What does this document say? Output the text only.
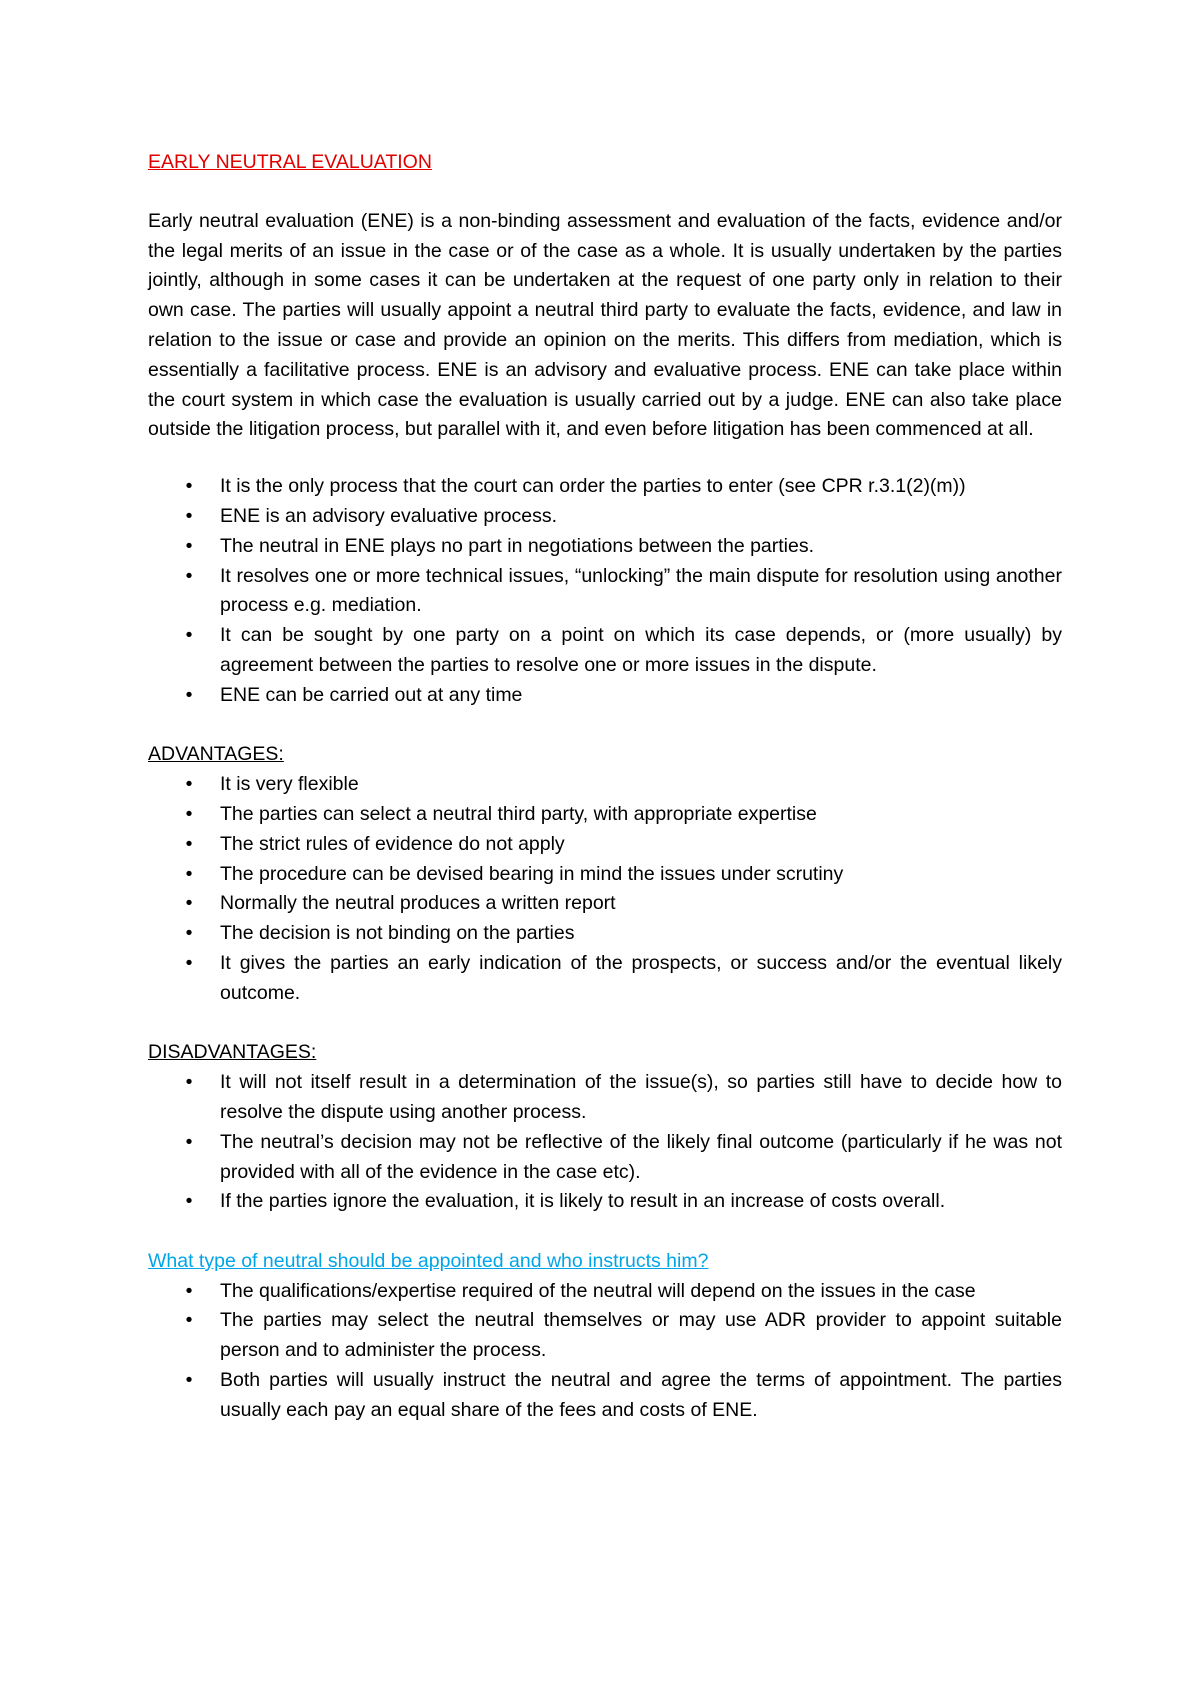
EARLY NEUTRAL EVALUATION

Early neutral evaluation (ENE) is a non-binding assessment and evaluation of the facts, evidence and/or the legal merits of an issue in the case or of the case as a whole. It is usually undertaken by the parties jointly, although in some cases it can be undertaken at the request of one party only in relation to their own case. The parties will usually appoint a neutral third party to evaluate the facts, evidence, and law in relation to the issue or case and provide an opinion on the merits. This differs from mediation, which is essentially a facilitative process. ENE is an advisory and evaluative process. ENE can take place within the court system in which case the evaluation is usually carried out by a judge. ENE can also take place outside the litigation process, but parallel with it, and even before litigation has been commenced at all.

• It is the only process that the court can order the parties to enter (see CPR r.3.1(2)(m))
• ENE is an advisory evaluative process.
• The neutral in ENE plays no part in negotiations between the parties.
• It resolves one or more technical issues, “unlocking” the main dispute for resolution using another process e.g. mediation.
• It can be sought by one party on a point on which its case depends, or (more usually) by agreement between the parties to resolve one or more issues in the dispute.
• ENE can be carried out at any time
ADVANTAGES:
• It is very flexible
• The parties can select a neutral third party, with appropriate expertise
• The strict rules of evidence do not apply
• The procedure can be devised bearing in mind the issues under scrutiny
• Normally the neutral produces a written report
• The decision is not binding on the parties
• It gives the parties an early indication of the prospects, or success and/or the eventual likely outcome.
DISADVANTAGES:
• It will not itself result in a determination of the issue(s), so parties still have to decide how to resolve the dispute using another process.
• The neutral’s decision may not be reflective of the likely final outcome (particularly if he was not provided with all of the evidence in the case etc).
• If the parties ignore the evaluation, it is likely to result in an increase of costs overall.
What type of neutral should be appointed and who instructs him?
• The qualifications/expertise required of the neutral will depend on the issues in the case
• The parties may select the neutral themselves or may use ADR provider to appoint suitable person and to administer the process.
• Both parties will usually instruct the neutral and agree the terms of appointment. The parties usually each pay an equal share of the fees and costs of ENE.
